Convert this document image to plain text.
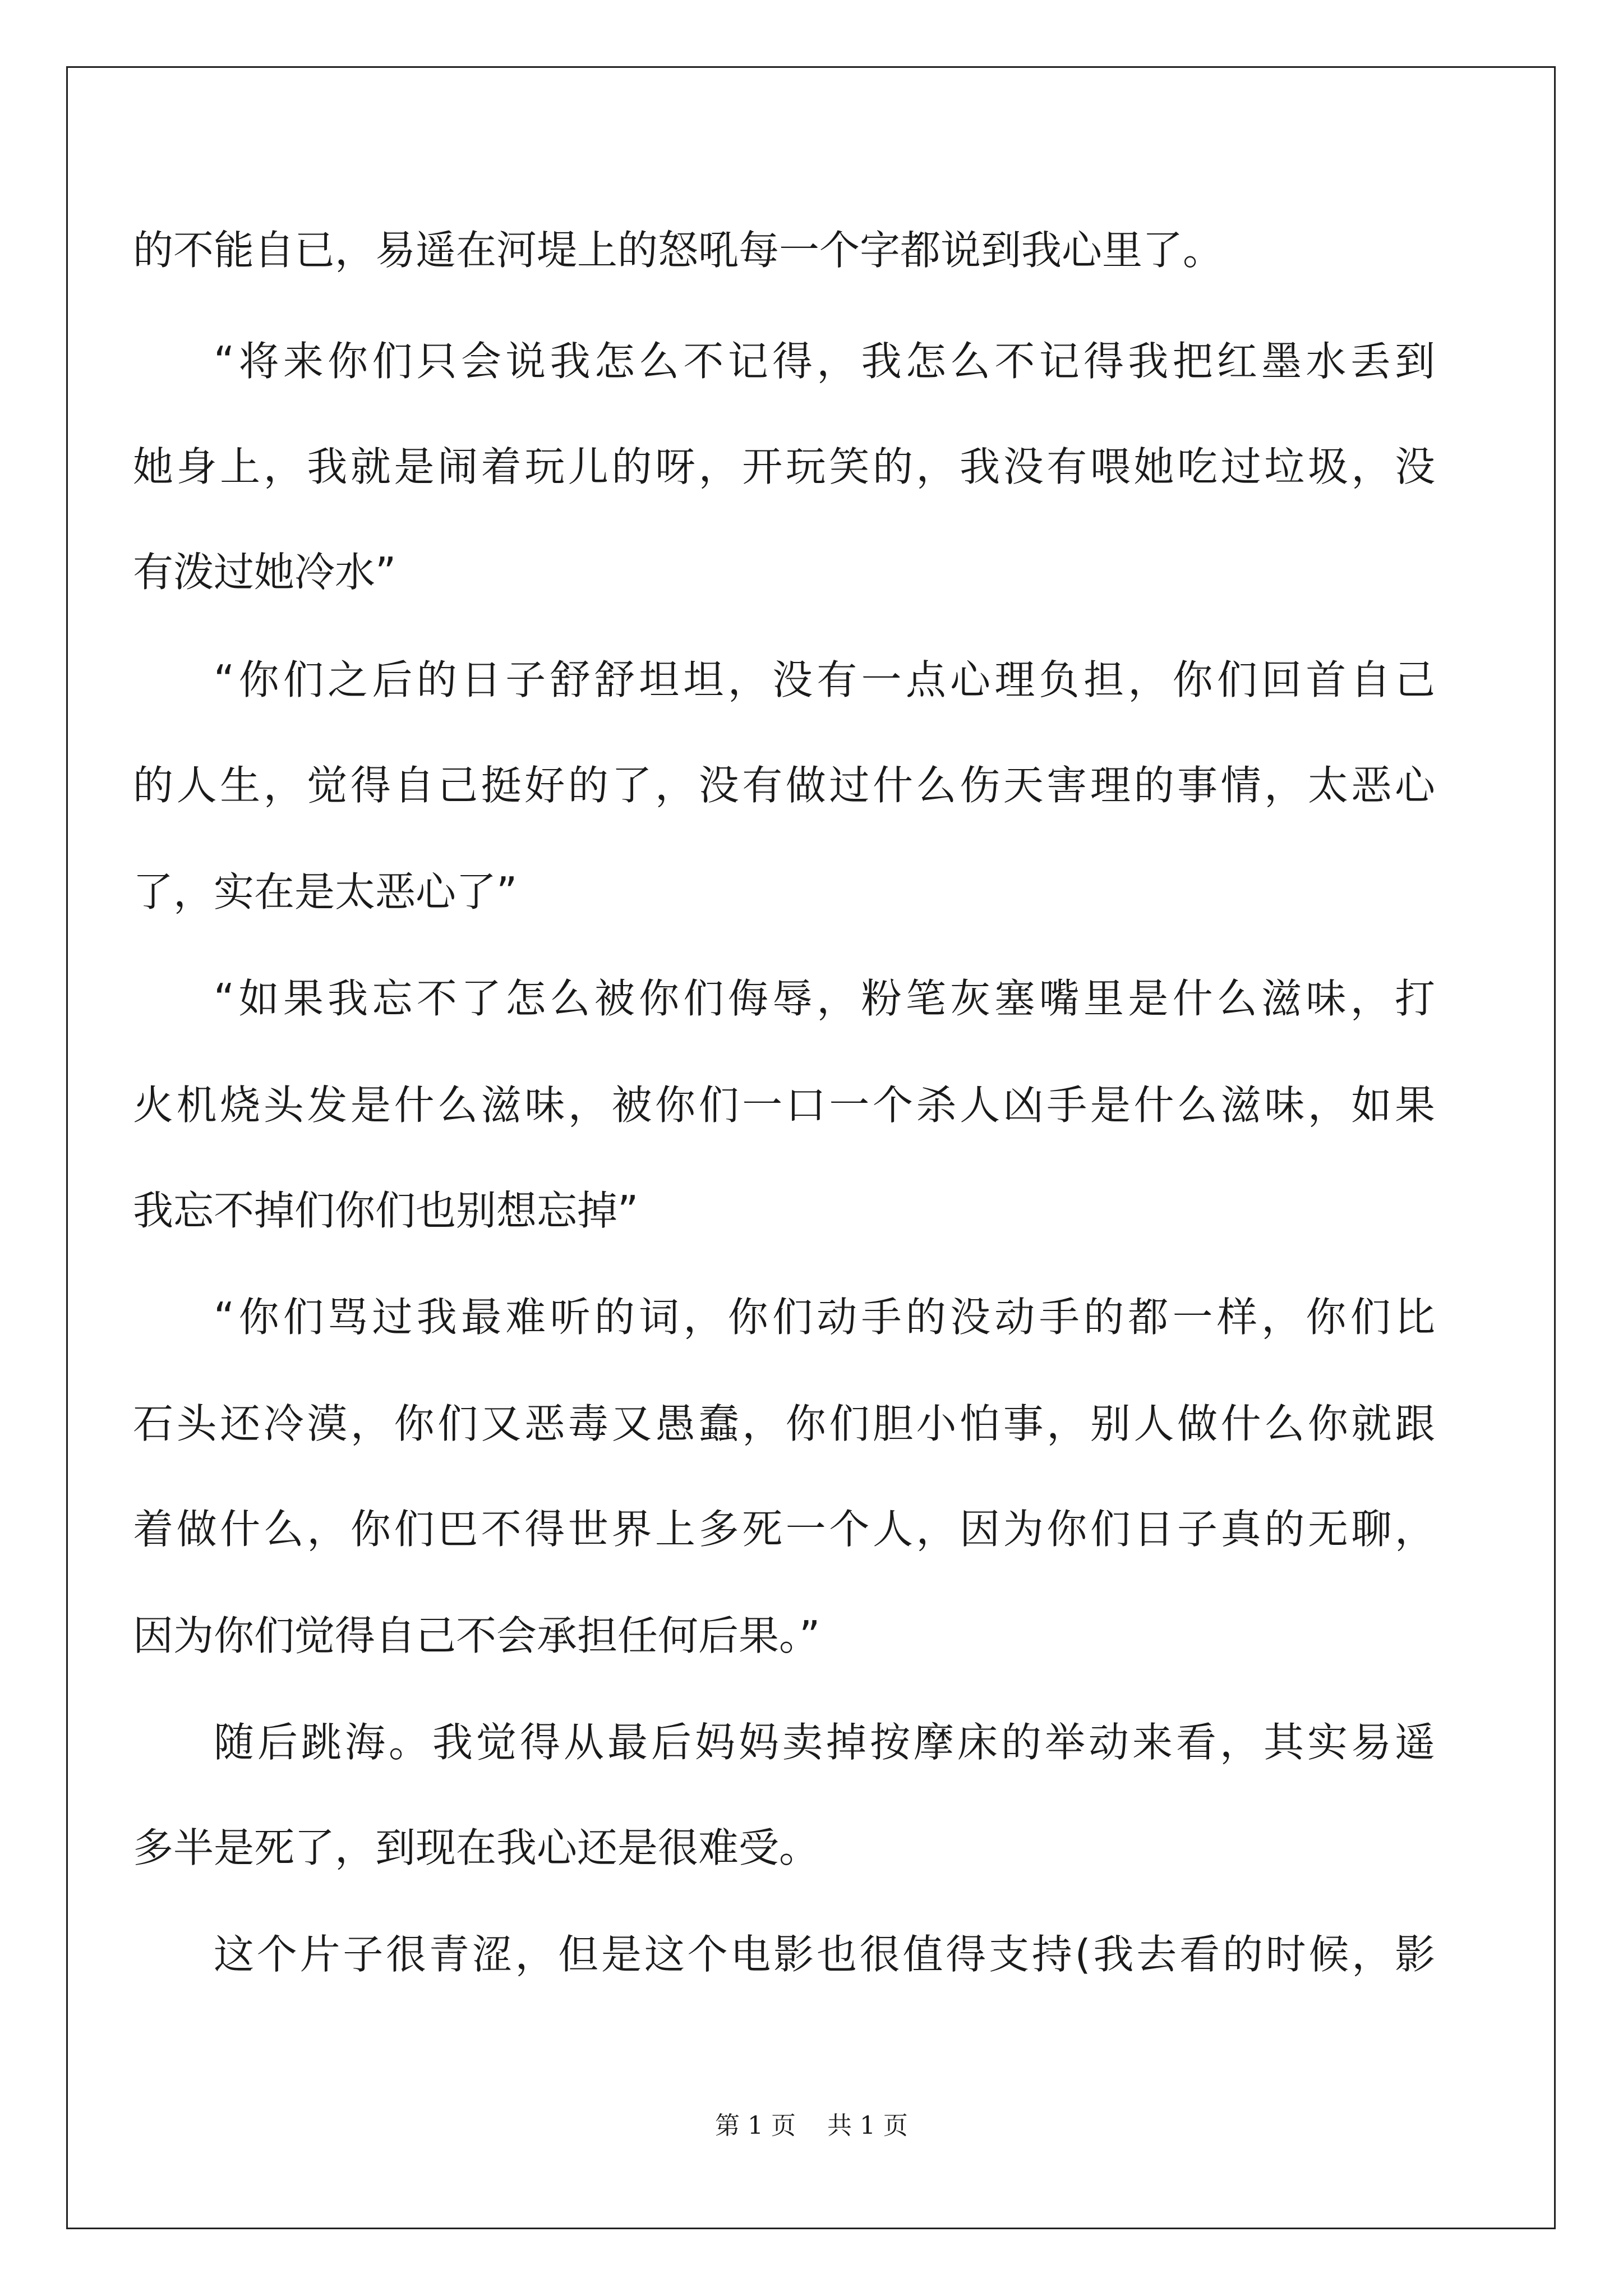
的不能自已，易遥在河堤上的怒吼每一个字都说到我心里了。
“将来你们只会说我怎么不记得，我怎么不记得我把红墨水丢到
她身上，我就是闹着玩儿的呀，开玩笑的，我没有喂她吃过垃圾，没
有泼过她冷水”
“你们之后的日子舒舒坦坦，没有一点心理负担，你们回首自己
的人生，觉得自己挺好的了，没有做过什么伤天害理的事情，太恶心
了，实在是太恶心了”
“如果我忘不了怎么被你们侮辱，粉笔灰塞嘴里是什么滋味，打
火机烧头发是什么滋味，被你们一口一个杀人凶手是什么滋味，如果
我忘不掉们你们也别想忘掉”
“你们骂过我最难听的词，你们动手的没动手的都一样，你们比
石头还冷漠，你们又恶毒又愚蠢，你们胆小怕事，别人做什么你就跟
着做什么，你们巴不得世界上多死一个人，因为你们日子真的无聊，
因为你们觉得自己不会承担任何后果。”
随后跳海。我觉得从最后妈妈卖掉按摩床的举动来看，其实易遥
多半是死了，到现在我心还是很难受。
这个片子很青涩，但是这个电影也很值得支持(我去看的时候，影
第 1 页    共 1 页
